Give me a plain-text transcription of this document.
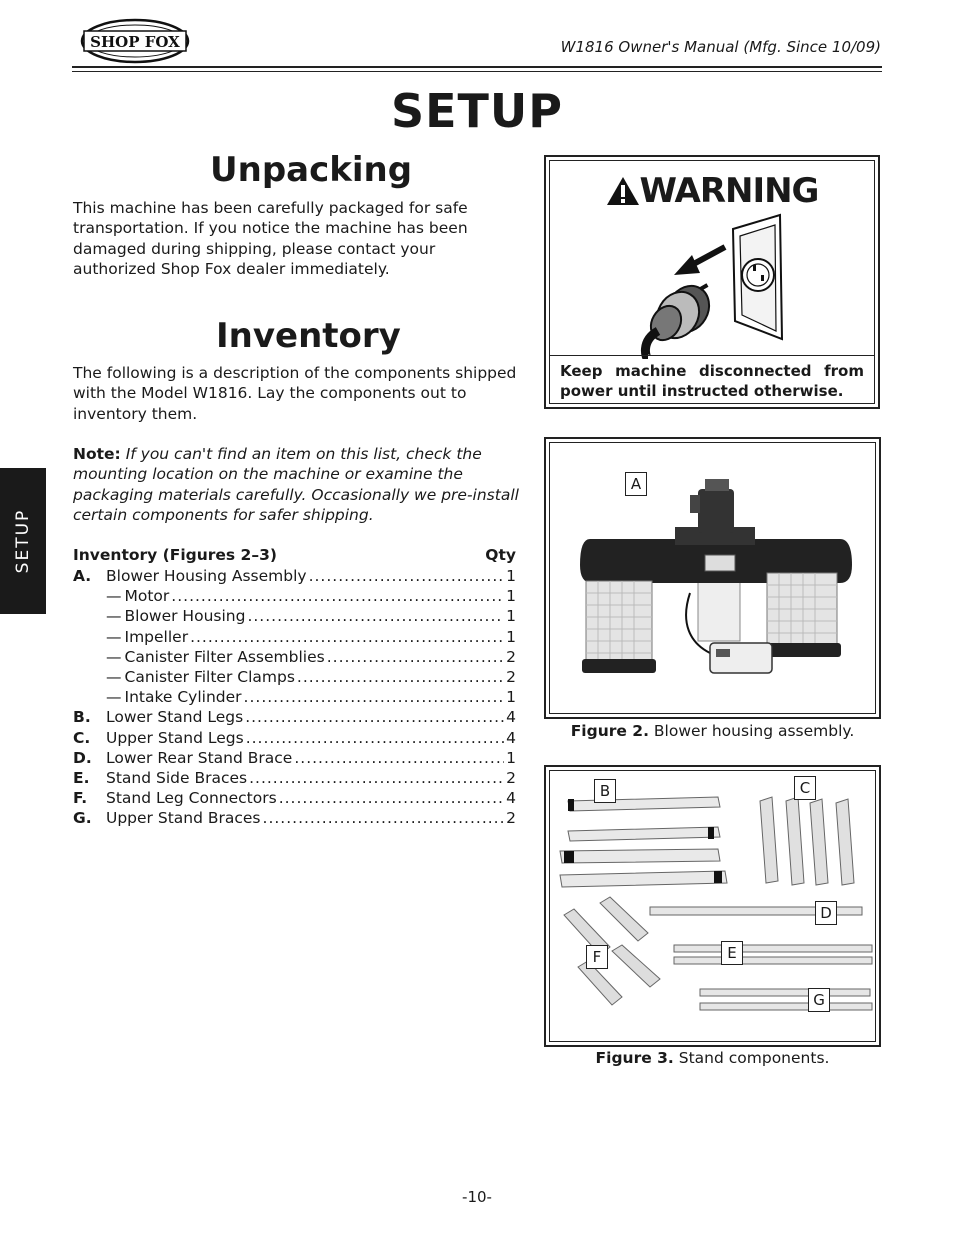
SHOP FOX	W1816 Owner's Manual (Mfg. Since 10/09)
SETUP
SETUP
Unpacking
This machine has been carefully packaged for safe transportation. If you notice the machine has been damaged during shipping, please contact your authorized Shop Fox dealer immediately.
Inventory
The following is a description of the components shipped with the Model W1816. Lay the components out to inventory them.
Note: If you can't find an item on this list, check the mounting location on the machine or examine the packaging materials carefully. Occasionally we pre-install certain components for safer shipping.
Inventory (Figures 2–3)	Qty
A. Blower Housing Assembly .....	1
— Motor .....	1
— Blower Housing .....	1
— Impeller .....	1
— Canister Filter Assemblies .....	2
— Canister Filter Clamps .....	2
— Intake Cylinder .....	1
B. Lower Stand Legs .....	4
C.	Upper Stand Legs .....	4
D. Lower Rear Stand Brace .....	1
E.	Stand Side Braces .....	2
F.	Stand Leg Connectors .....	4
G. Upper Stand Braces .....	2
WARNING
Keep machine disconnected from power until instructed otherwise.
A
Figure 2. Blower housing assembly.
B	C
D
E
F
G
Figure 3. Stand components.
-10-
